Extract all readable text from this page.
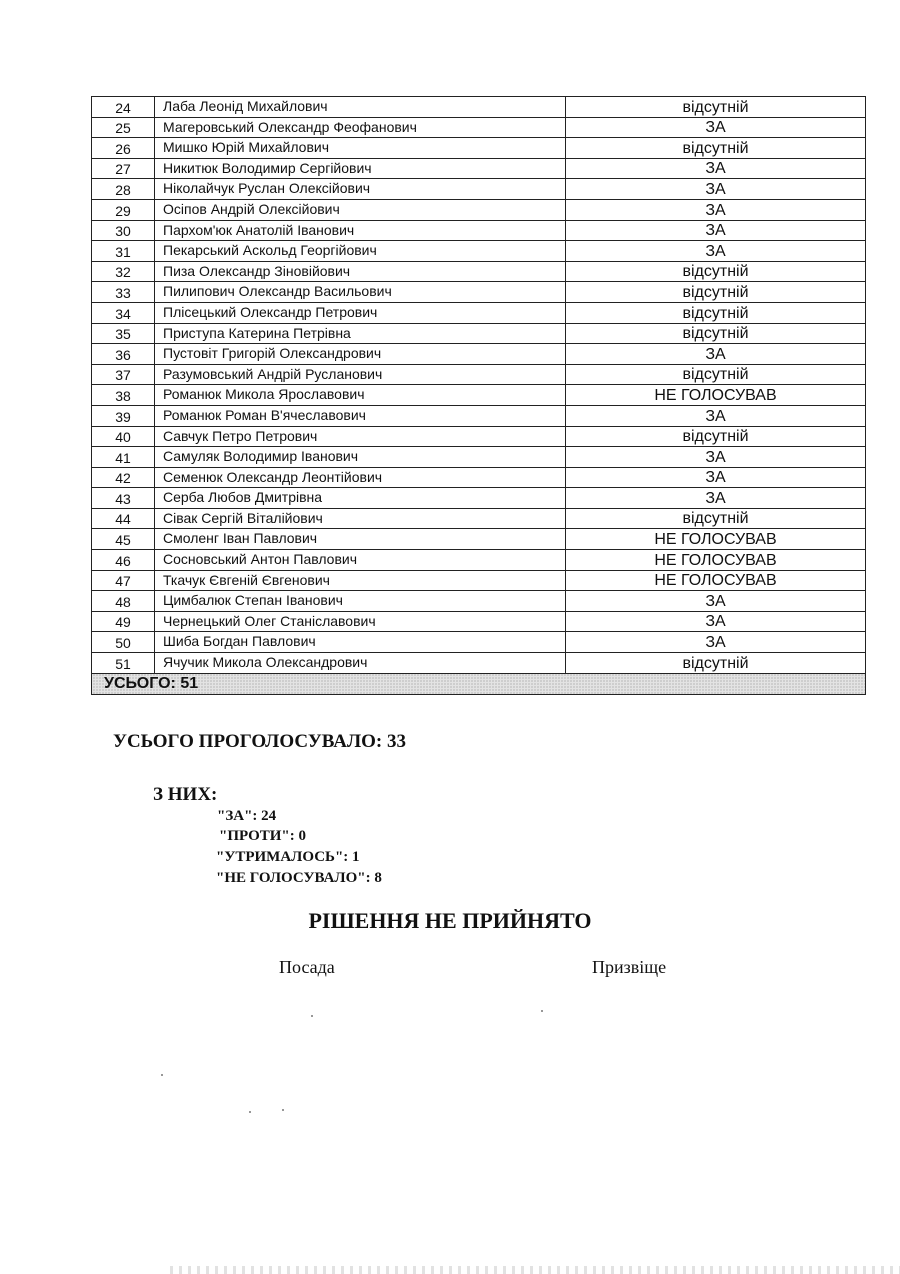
24	Лаба Леонід Михайлович	відсутній
25	Магеровський Олександр Феофанович	ЗА
26	Мишко Юрій Михайлович	відсутній
27	Никитюк Володимир Сергійович	ЗА
28	Ніколайчук Руслан Олексійович	ЗА
29	Осіпов Андрій Олексійович	ЗА
30	Пархом'юк Анатолій Іванович	ЗА
31	Пекарський Аскольд Георгійович	ЗА
32	Пиза Олександр Зіновійович	відсутній
33	Пилипович Олександр Васильович	відсутній
34	Плісецький Олександр Петрович	відсутній
35	Приступа Катерина Петрівна	відсутній
36	Пустовіт Григорій Олександрович	ЗА
37	Разумовський Андрій Русланович	відсутній
38	Романюк Микола Ярославович	НЕ ГОЛОСУВАВ
39	Романюк Роман В'ячеславович	ЗА
40	Савчук Петро Петрович	відсутній
41	Самуляк Володимир Іванович	ЗА
42	Семенюк Олександр Леонтійович	ЗА
43	Серба Любов Дмитрівна	ЗА
44	Сівак Сергій Віталійович	відсутній
45	Смоленг Іван Павлович	НЕ ГОЛОСУВАВ
46	Сосновський Антон Павлович	НЕ ГОЛОСУВАВ
47	Ткачук Євгеній Євгенович	НЕ ГОЛОСУВАВ
48	Цимбалюк Степан Іванович	ЗА
49	Чернецький Олег Станіславович	ЗА
50	Шиба Богдан Павлович	ЗА
51	Ячучик Микола Олександрович	відсутній
УСЬОГО: 51		
УСЬОГО ПРОГОЛОСУВАЛО: 33
З НИХ:
"ЗА": 24
"ПРОТИ": 0
"УТРИМАЛОСЬ": 1
"НЕ ГОЛОСУВАЛО": 8
РІШЕННЯ НЕ ПРИЙНЯТО
Посада	Призвіще
